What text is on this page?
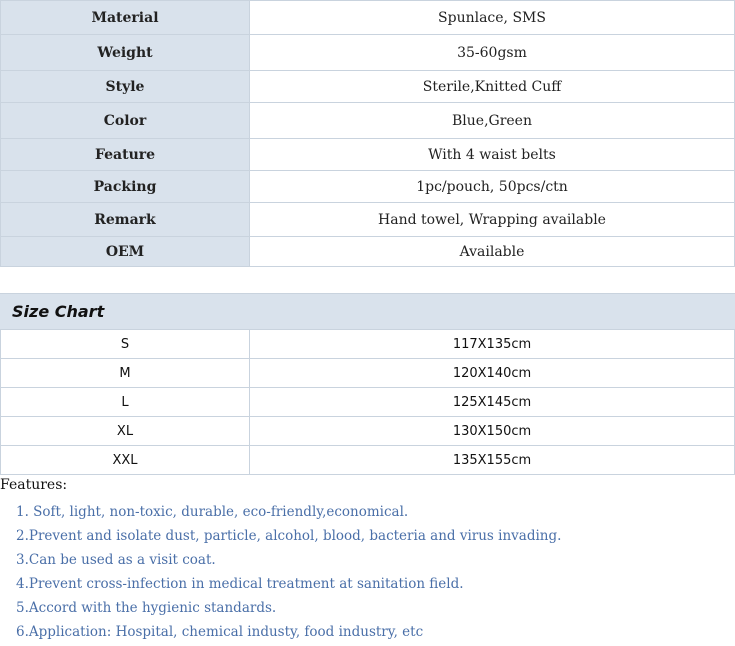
Material	Spunlace, SMS
Weight	35-60gsm
Style	Sterile,Knitted Cuff
Color	Blue,Green
Feature	With 4 waist belts
Packing	1pc/pouch, 50pcs/ctn
Remark	Hand towel, Wrapping available
OEM	Available
Size Chart
S	117X135cm
M	120X140cm
L	125X145cm
XL	130X150cm
XXL	135X155cm
Features:
1. Soft, light, non-toxic, durable, eco-friendly,economical.
2.Prevent and isolate dust, particle, alcohol, blood, bacteria and virus invading.
3.Can be used as a visit coat.
4.Prevent cross-infection in medical treatment at sanitation field.
5.Accord with the hygienic standards.
6.Application: Hospital, chemical industy, food industry, etc
